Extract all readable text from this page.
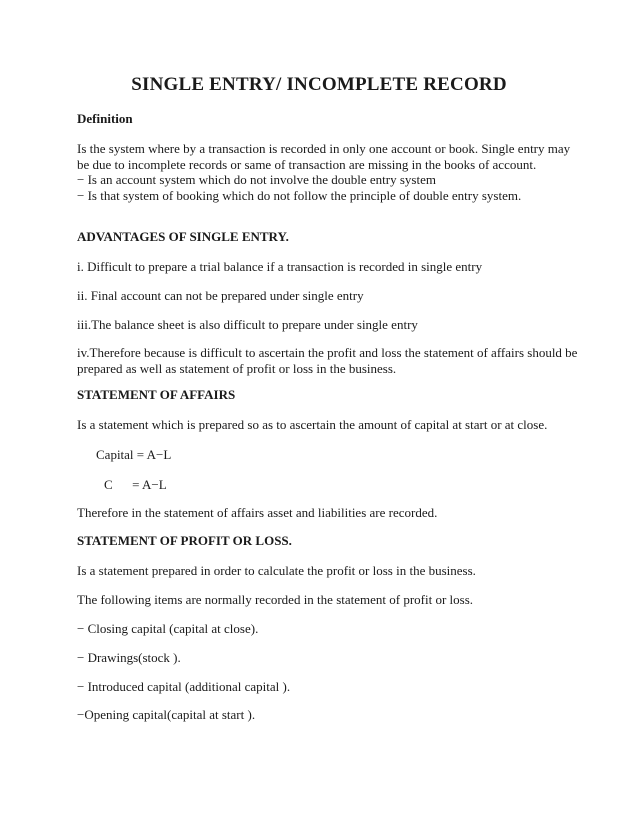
SINGLE ENTRY/ INCOMPLETE RECORD
Definition
Is the system where by a transaction is recorded in only one account or book. Single entry may
be due to incomplete records or same of transaction are missing in the books of account.
− Is an account system which do not involve the double entry system
− Is that system of booking which do not follow the principle of double entry system.
ADVANTAGES OF SINGLE ENTRY.
i. Difficult to prepare a trial balance if a transaction is recorded in single entry
ii. Final account can not be prepared under single entry
iii.The balance sheet is also difficult to prepare under single entry
iv.Therefore because is difficult to ascertain the profit and loss the statement of affairs should be
prepared as well as statement of profit or loss in the business.
STATEMENT OF AFFAIRS
Is a statement which is prepared so as to ascertain the amount of capital at start or at close.
Capital = A−L
C      = A−L
Therefore in the statement of affairs asset and liabilities are recorded.
STATEMENT OF PROFIT OR LOSS.
Is a statement prepared in order to calculate the profit or loss in the business.
The following items are normally recorded in the statement of profit or loss.
− Closing capital (capital at close).
− Drawings(stock ).
− Introduced capital (additional capital ).
−Opening capital(capital at start ).
